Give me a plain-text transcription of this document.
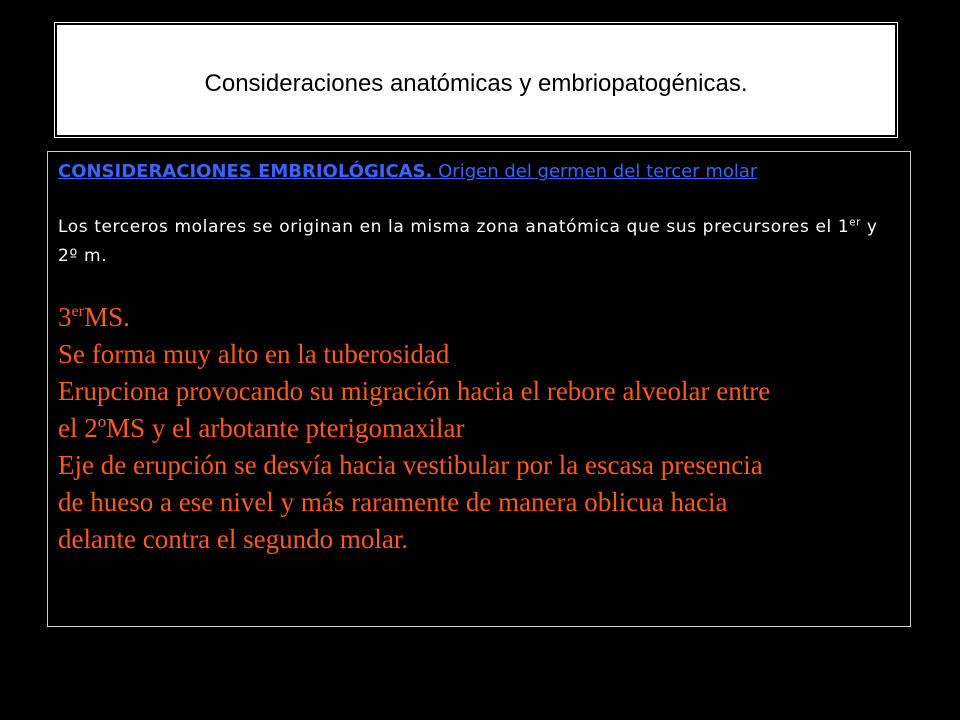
Consideraciones anatómicas y embriopatogénicas.

CONSIDERACIONES EMBRIOLÓGICAS. Origen del germen del tercer molar

Los terceros molares se originan en la misma zona anatómica que sus precursores el 1er y 2º m.

3erMS.

Se forma muy alto en la tuberosidad

Erupciona provocando su migración hacia el rebore alveolar entre

el 2ºMS y el arbotante pterigomaxilar

Eje de erupción se desvía hacia vestibular por la escasa presencia

de hueso a ese nivel y más raramente de manera oblicua hacia

delante contra el segundo molar.
